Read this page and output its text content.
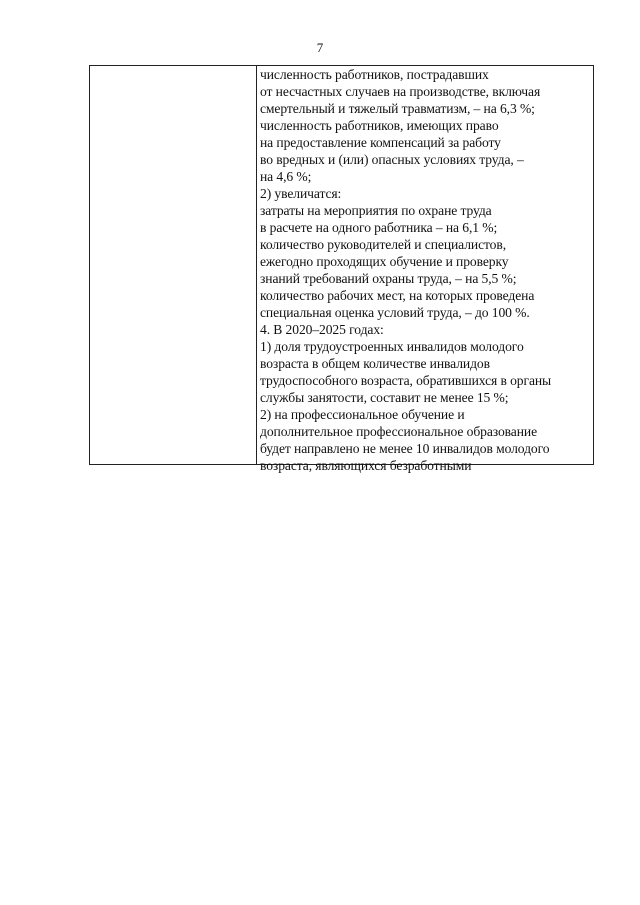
7
численность работников, пострадавших
от несчастных случаев на производстве, включая
смертельный и тяжелый травматизм, – на 6,3 %;
численность работников, имеющих право
на предоставление компенсаций за работу
во вредных и (или) опасных условиях труда, –
на 4,6 %;
2) увеличатся:
затраты на мероприятия по охране труда
в расчете на одного работника – на 6,1 %;
количество руководителей и специалистов,
ежегодно проходящих обучение и проверку
знаний требований охраны труда, – на 5,5 %;
количество рабочих мест, на которых проведена
специальная оценка условий труда, – до 100 %.
4. В 2020–2025 годах:
1) доля трудоустроенных инвалидов молодого
возраста в общем количестве инвалидов
трудоспособного возраста, обратившихся в органы
службы занятости, составит не менее 15 %;
2) на профессиональное обучение и
дополнительное профессиональное образование
будет направлено не менее 10 инвалидов молодого
возраста, являющихся безработными
